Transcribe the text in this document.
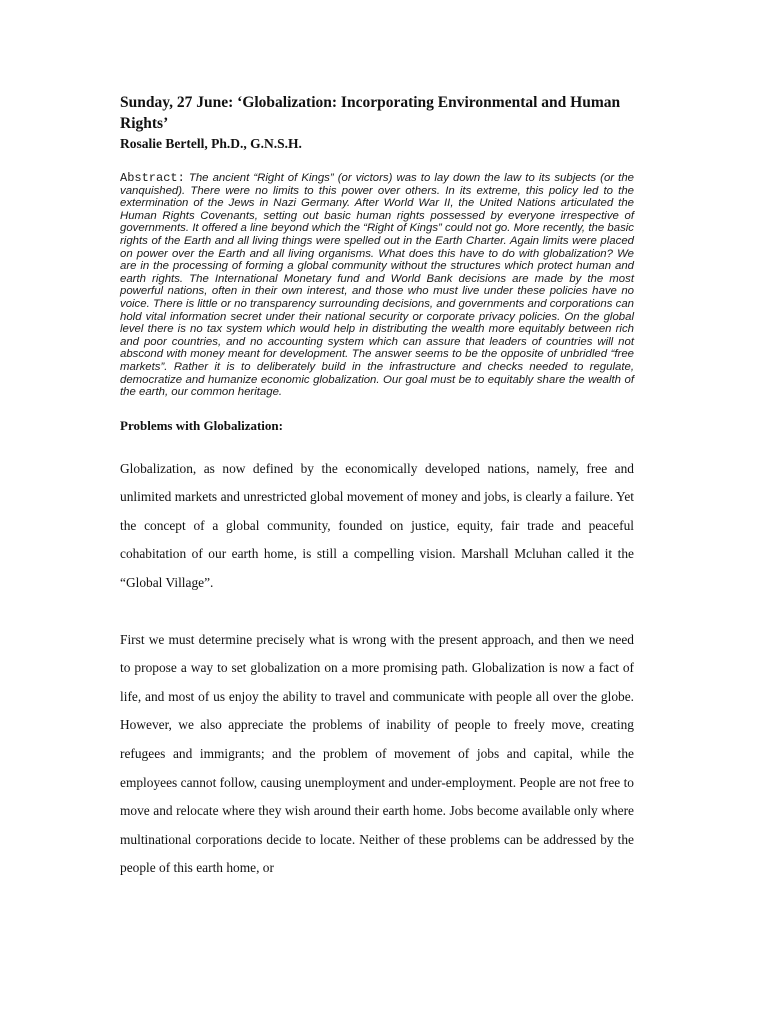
Sunday, 27 June: ‘Globalization: Incorporating Environmental and Human Rights’
Rosalie Bertell, Ph.D., G.N.S.H.
Abstract: The ancient “Right of Kings” (or victors) was to lay down the law to its subjects (or the vanquished). There were no limits to this power over others. In its extreme, this policy led to the extermination of the Jews in Nazi Germany. After World War II, the United Nations articulated the Human Rights Covenants, setting out basic human rights possessed by everyone irrespective of governments. It offered a line beyond which the “Right of Kings” could not go. More recently, the basic rights of the Earth and all living things were spelled out in the Earth Charter. Again limits were placed on power over the Earth and all living organisms. What does this have to do with globalization? We are in the processing of forming a global community without the structures which protect human and earth rights. The International Monetary fund and World Bank decisions are made by the most powerful nations, often in their own interest, and those who must live under these policies have no voice. There is little or no transparency surrounding decisions, and governments and corporations can hold vital information secret under their national security or corporate privacy policies. On the global level there is no tax system which would help in distributing the wealth more equitably between rich and poor countries, and no accounting system which can assure that leaders of countries will not abscond with money meant for development. The answer seems to be the opposite of unbridled “free markets”. Rather it is to deliberately build in the infrastructure and checks needed to regulate, democratize and humanize economic globalization. Our goal must be to equitably share the wealth of the earth, our common heritage.
Problems with Globalization:

Globalization, as now defined by the economically developed nations, namely, free and unlimited markets and unrestricted global movement of money and jobs, is clearly a failure. Yet the concept of a global community, founded on justice, equity, fair trade and peaceful cohabitation of our earth home, is still a compelling vision. Marshall Mcluhan called it the “Global Village”.

First we must determine precisely what is wrong with the present approach, and then we need to propose a way to set globalization on a more promising path. Globalization is now a fact of life, and most of us enjoy the ability to travel and communicate with people all over the globe. However, we also appreciate the problems of inability of people to freely move, creating refugees and immigrants; and the problem of movement of jobs and capital, while the employees cannot follow, causing unemployment and under-employment. People are not free to move and relocate where they wish around their earth home. Jobs become available only where multinational corporations decide to locate. Neither of these problems can be addressed by the people of this earth home, or
